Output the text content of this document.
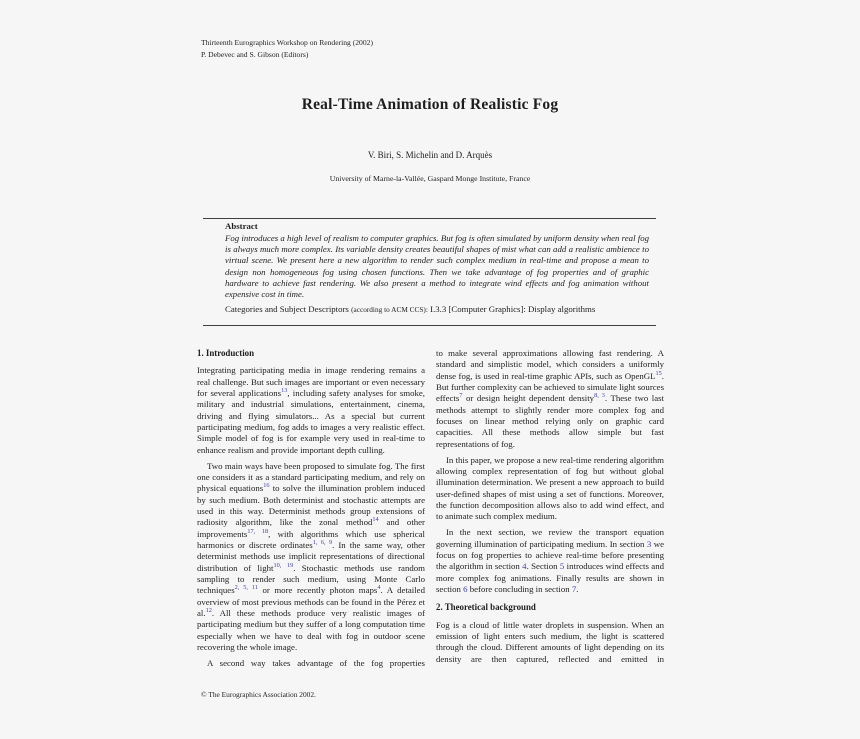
Thirteenth Eurographics Workshop on Rendering (2002)
P. Debevec and S. Gibson (Editors)
Real-Time Animation of Realistic Fog
V. Biri, S. Michelin and D. Arquès
University of Marne-la-Vallée, Gaspard Monge Institute, France
Abstract
Fog introduces a high level of realism to computer graphics. But fog is often simulated by uniform density when real fog is always much more complex. Its variable density creates beautiful shapes of mist what can add a realistic ambience to virtual scene. We present here a new algorithm to render such complex medium in real-time and propose a mean to design non homogeneous fog using chosen functions. Then we take advantage of fog properties and of graphic hardware to achieve fast rendering. We also present a method to integrate wind effects and fog animation without expensive cost in time.
Categories and Subject Descriptors (according to ACM CCS): I.3.3 [Computer Graphics]: Display algorithms
1. Introduction

Integrating participating media in image rendering remains a real challenge. But such images are important or even necessary for several applications$^{13}$, including safety analyses for smoke, military and industrial simulations, entertainment, cinema, driving and flying simulators... As a special but current participating medium, fog adds to images a very realistic effect. Simple model of fog is for example very used in real-time to enhance realism and provide important depth culling.

Two main ways have been proposed to simulate fog. The first one considers it as a standard participating medium, and rely on physical equations$^{16}$ to solve the illumination problem induced by such medium. Both determinist and stochastic attempts are used in this way. Determinist methods group extensions of radiosity algorithm, like the zonal method$^{14}$ and other improvements$^{17, 18}$, with algorithms which use spherical harmonics or discrete ordinates$^{1, 6, 9}$. In the same way, other determinist methods use implicit representations of directional distribution of light$^{10, 19}$. Stochastic methods use random sampling to render such medium, using Monte Carlo techniques$^{2, 5, 11}$ or more recently photon maps$^4$. A detailed overview of most previous methods can be found in the Pérez et al.$^{12}$. All these methods produce very realistic images of participating medium but they suffer of a long computation time especially when we have to deal with fog in outdoor scene recovering the whole image.

A second way takes advantage of the fog properties

to make several approximations allowing fast rendering. A standard and simplistic model, which considers a uniformly dense fog, is used in real-time graphic APIs, such as OpenGL$^{15}$. But further complexity can be achieved to simulate light sources effects$^7$ or design height dependent density$^{8, 3}$. These two last methods attempt to slightly render more complex fog and focuses on linear method relying only on graphic card capacities. All these methods allow simple but fast representations of fog.

In this paper, we propose a new real-time rendering algorithm allowing complex representation of fog but without global illumination determination. We present a new approach to build user-defined shapes of mist using a set of functions. Moreover, the function decomposition allows also to add wind effect, and to animate such complex medium.

In the next section, we review the transport equation governing illumination of participating medium. In section 3 we focus on fog properties to achieve real-time before presenting the algorithm in section 4. Section 5 introduces wind effects and more complex fog animations. Finally results are shown in section 6 before concluding in section 7.

2. Theoretical background

Fog is a cloud of little water droplets in suspension. When an emission of light enters such medium, the light is scattered through the cloud. Different amounts of light depending on its density are then captured, reflected and emitted in

© The Eurographics Association 2002.
